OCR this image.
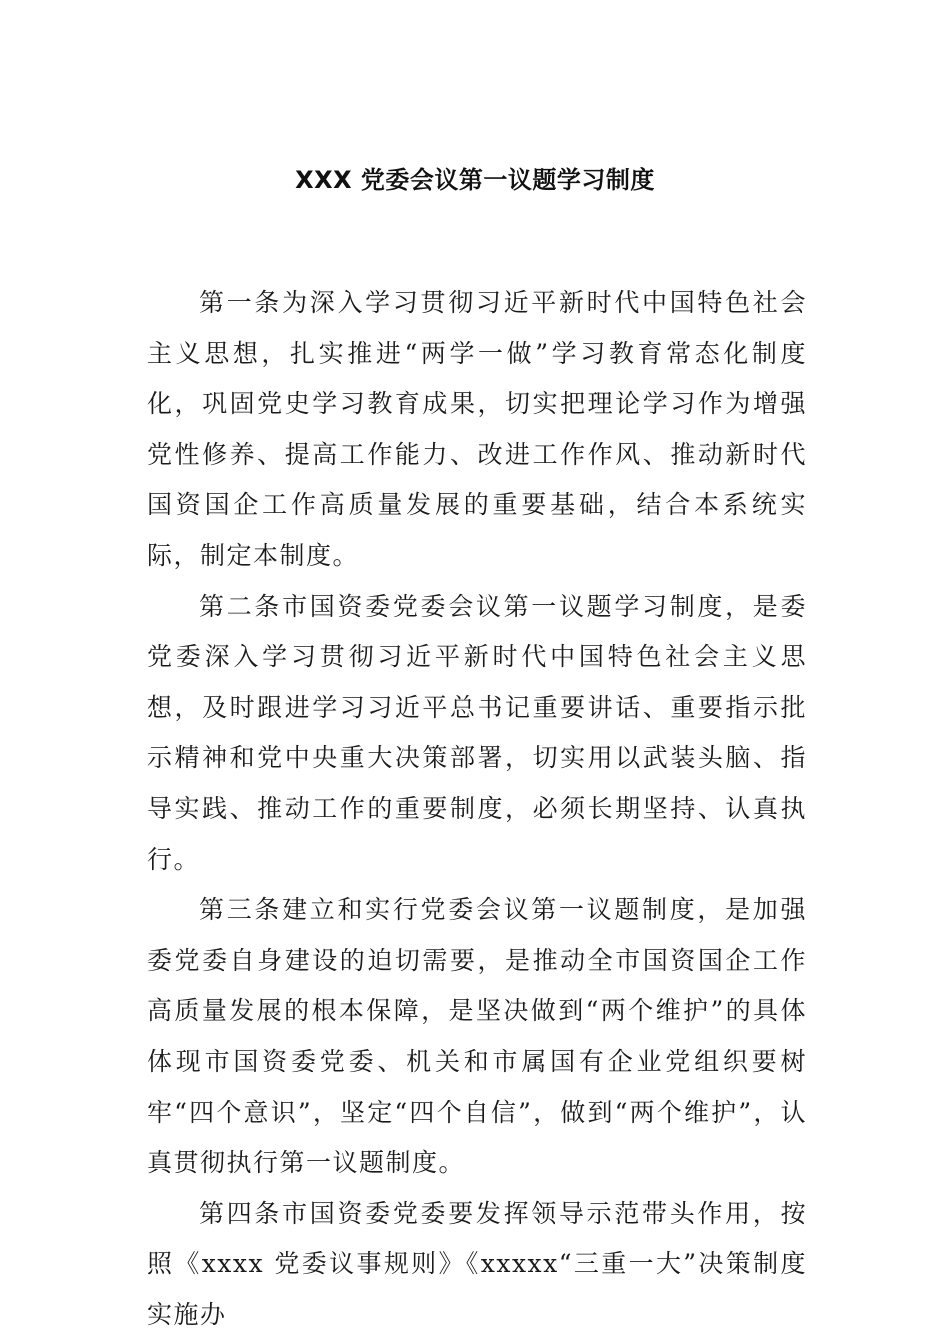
XXX 党委会议第一议题学习制度

第一条为深入学习贯彻习近平新时代中国特色社会主义思想，扎实推进“两学一做”学习教育常态化制度化，巩固党史学习教育成果，切实把理论学习作为增强党性修养、提高工作能力、改进工作作风、推动新时代国资国企工作高质量发展的重要基础，结合本系统实际，制定本制度。

第二条市国资委党委会议第一议题学习制度，是委党委深入学习贯彻习近平新时代中国特色社会主义思想，及时跟进学习习近平总书记重要讲话、重要指示批示精神和党中央重大决策部署，切实用以武装头脑、指导实践、推动工作的重要制度，必须长期坚持、认真执行。

第三条建立和实行党委会议第一议题制度，是加强委党委自身建设的迫切需要，是推动全市国资国企工作高质量发展的根本保障，是坚决做到“两个维护”的具体体现市国资委党委、机关和市属国有企业党组织要树牢“四个意识”，坚定“四个自信”，做到“两个维护”，认真贯彻执行第一议题制度。

第四条市国资委党委要发挥领导示范带头作用，按照《xxxx 党委议事规则》《xxxxx“三重一大”决策制度实施办
